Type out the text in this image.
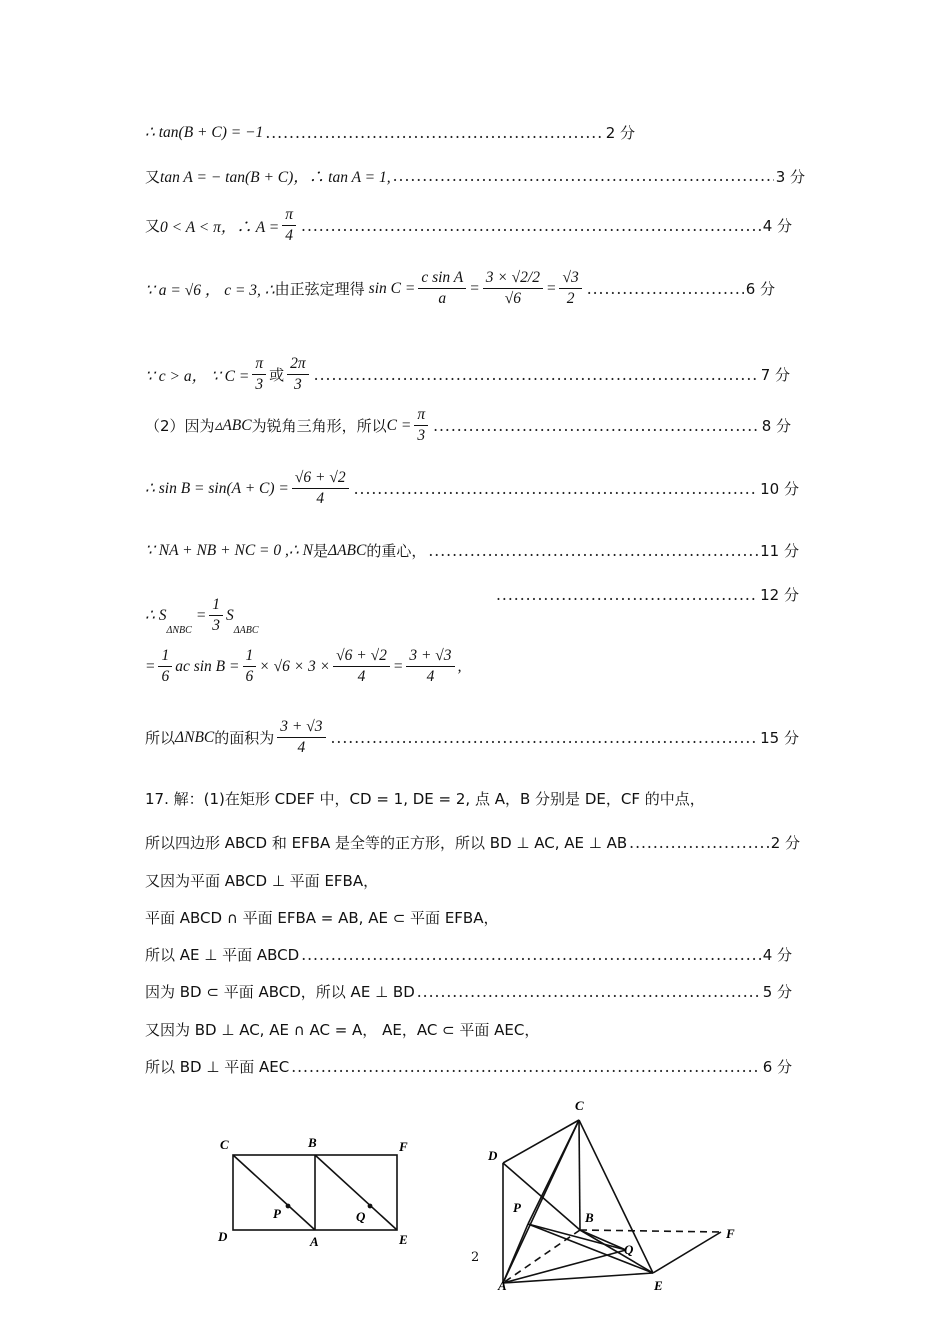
∴ tan(B + C) = −1 .....	2 分
又 tan A = − tan(B + C)，∴ tan A = 1, .....	3 分
又 0 < A < π，∴ $A = \frac{\pi}{4}$ .....	4 分
∵ a = √6 ， c = 3, ∴ 由正弦定理得 $\sin C = \frac{\text{c sin A}}{a} = \frac{3 \times √2/2}{√6} = \frac{√3}{2}$ .....	6 分
∵ c > a， ∵ $C = \frac{\pi}{3}$ 或 $\frac{2\pi}{3}$ .....	7 分
（2）因为 ▵ABC 为锐角三角形，所以 $C = \frac{\pi}{3}$ .....	8 分
∴ $\sin B = \sin(A + C) = \frac{√6 + √2}{4}$ .....	10 分
∵ NA + NB + NC = 0 ,∴ N 是 ΔABC 的重心， .....	11 分
.....
12 分
∴ S
ΔNBC
= $\frac{1}{3}$ S
ΔABC
= $\frac{1}{6}$ ac $\sin B = \frac{1}{6} \times √6 \times 3 \times \frac{√6 + √2}{4} = \frac{3 + √3}{4}$ ,
所以 ΔNBC 的面积为 $\frac{3 + √3}{4}$ .....	15 分
17. 解：(1)在矩形 CDEF 中，CD = 1, DE = 2, 点 A，B 分别是 DE，CF 的中点，
所以四边形 ABCD 和 EFBA 是全等的正方形，所以 BD ⊥ AC, AE ⊥ AB .....	2 分
又因为平面 ABCD ⊥ 平面 EFBA，
平面 ABCD ∩ 平面 EFBA = AB, AE ⊂ 平面 EFBA，
所以 AE ⊥ 平面 ABCD .....	4 分
因为 BD ⊂ 平面 ABCD，所以 AE ⊥ BD .....	5 分
又因为 BD ⊥ AC, AE ∩ AC = A， AE，AC ⊂ 平面 AEC，
所以 BD ⊥ 平面 AEC .....	6 分
C	B	F
D	A	E
P	Q
2
C
D
P
B
F
Q
A	E
